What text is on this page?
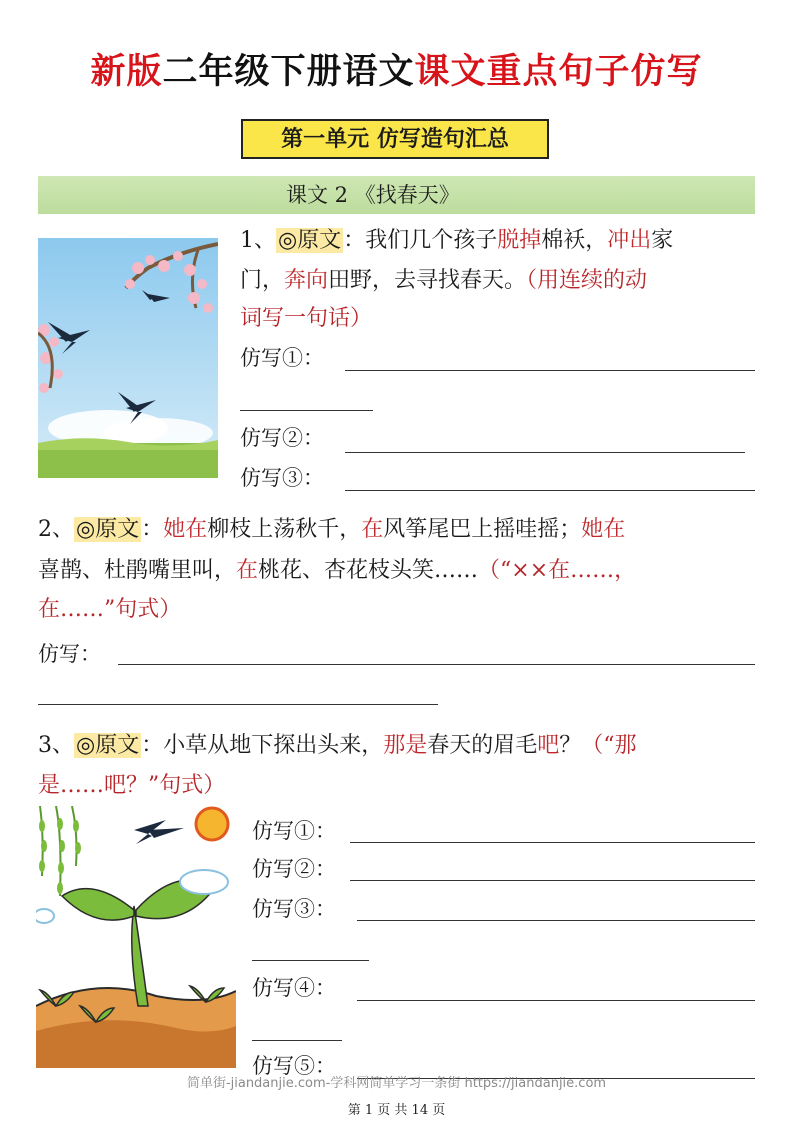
新版二年级下册语文课文重点句子仿写
第一单元 仿写造句汇总
课文 2 《找春天》
1、◎原文：我们几个孩子脱掉棉袄，冲出家
门，奔向田野，去寻找春天。（用连续的动
词写一句话）
仿写①：
仿写②：
仿写③：
2、◎原文：她在柳枝上荡秋千，在风筝尾巴上摇哇摇；她在
喜鹊、杜鹃嘴里叫，在桃花、杏花枝头笑……（“××在……，
在……”句式）
仿写：
3、◎原文：小草从地下探出头来，那是春天的眉毛吧？（“那
是……吧？”句式）
仿写①：
仿写②：
仿写③：
仿写④：
仿写⑤：
简单街-jiandanjie.com-学科网简单学习一条街 https://jiandanjie.com
第 1 页 共 14 页
